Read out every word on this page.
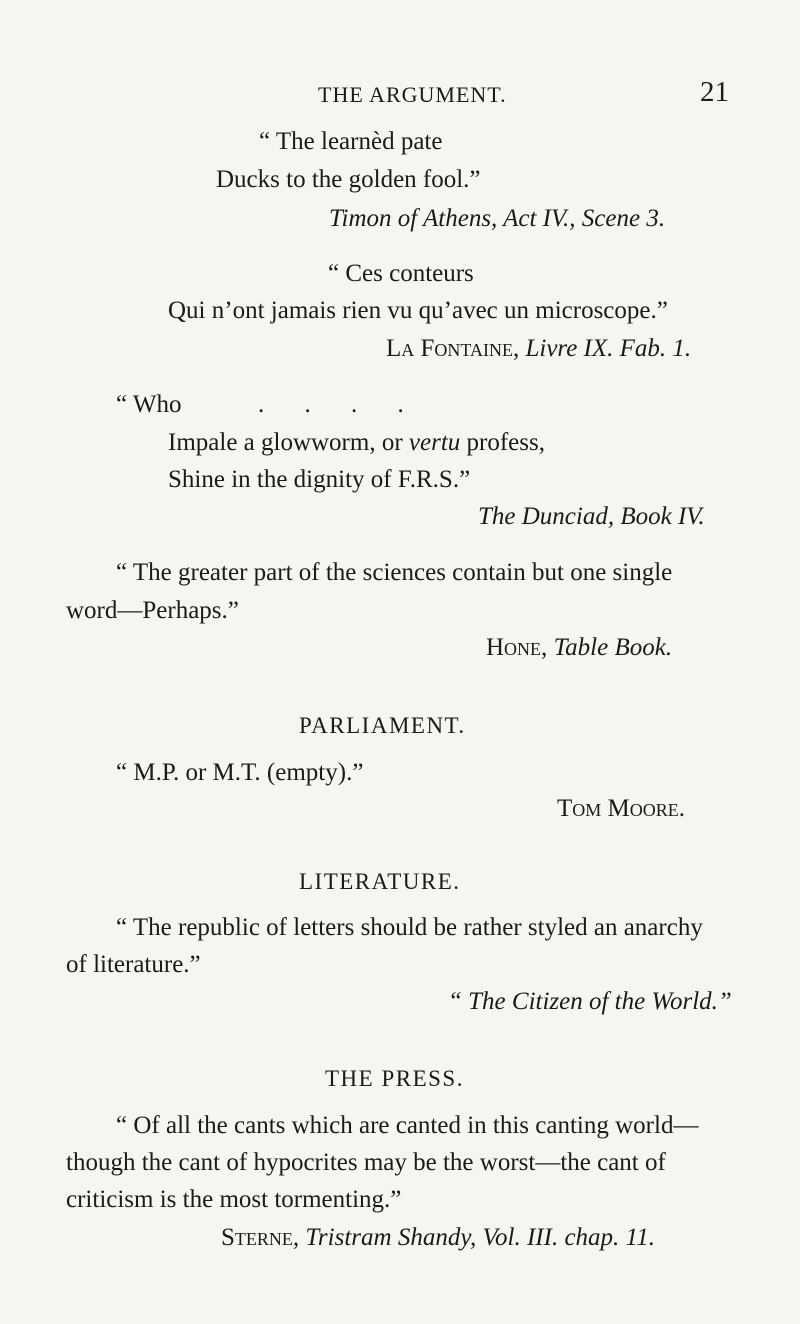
THE ARGUMENT.	21
“ The learnèd pate
Ducks to the golden fool.”
Timon of Athens, Act IV., Scene 3.
“ Ces conteurs
Qui n’ont jamais rien vu qu’avec un microscope.”
La Fontaine, Livre IX. Fab. 1.
“ Who	. . . .
Impale a glowworm, or vertu profess,
Shine in the dignity of F.R.S.”
The Dunciad, Book IV.
“ The greater part of the sciences contain but one single
word—Perhaps.”
Hone, Table Book.
PARLIAMENT.
“ M.P. or M.T. (empty).”
Tom Moore.
LITERATURE.
“ The republic of letters should be rather styled an anarchy
of literature.”
“ The Citizen of the World.”
THE PRESS.
“ Of all the cants which are canted in this canting world—
though the cant of hypocrites may be the worst—the cant of
criticism is the most tormenting.”
Sterne, Tristram Shandy, Vol. III. chap. 11.
